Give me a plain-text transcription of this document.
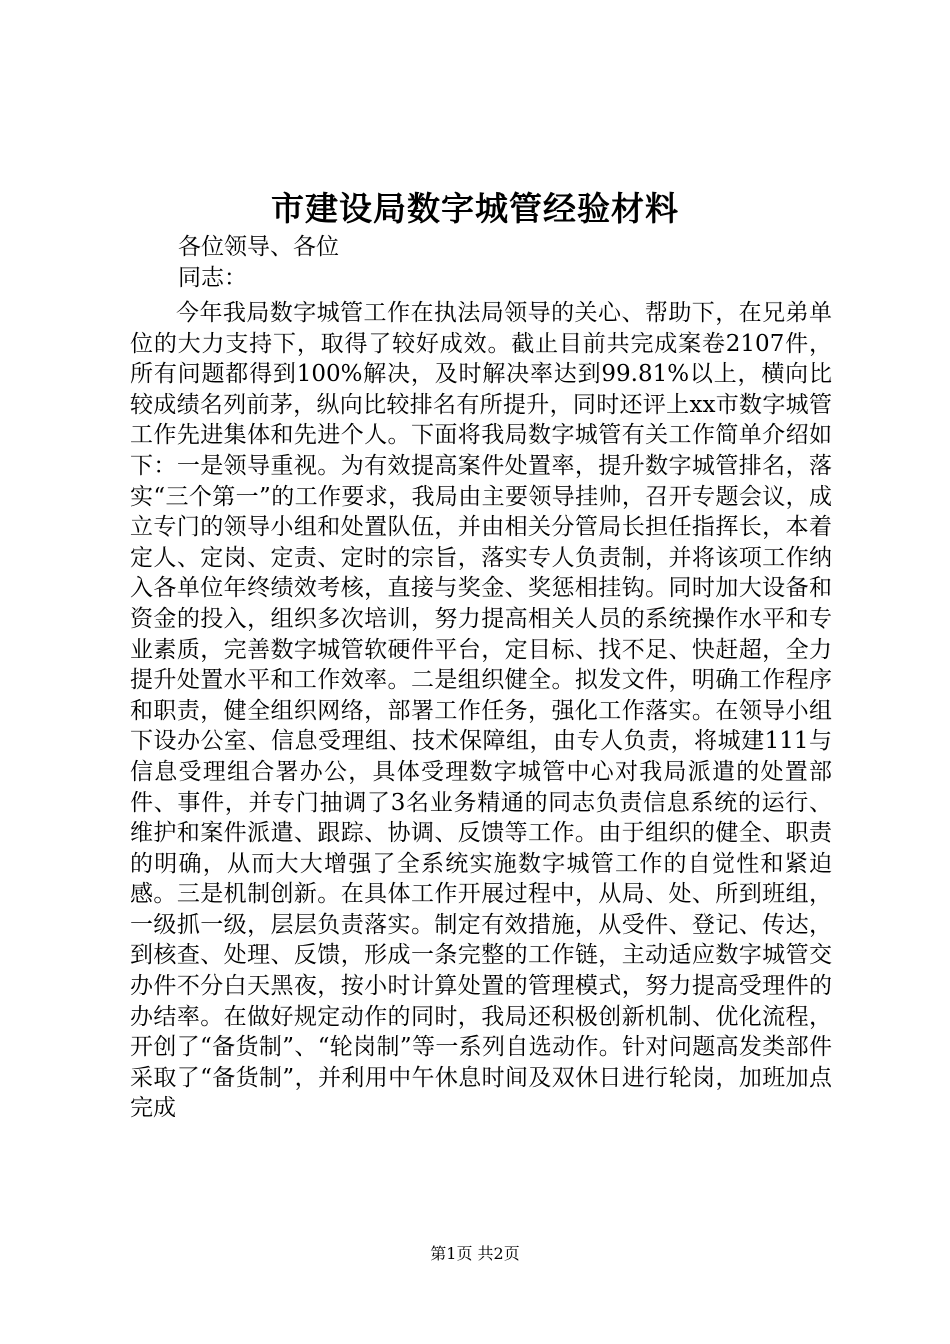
市建设局数字城管经验材料
各位领导、各位
同志：

今年我局数字城管工作在执法局领导的关心、帮助下，在兄弟单位的大力支持下，取得了较好成效。截止目前共完成案卷2107件，所有问题都得到100%解决，及时解决率达到99.81%以上，横向比较成绩名列前茅，纵向比较排名有所提升，同时还评上xx市数字城管工作先进集体和先进个人。下面将我局数字城管有关工作简单介绍如下：一是领导重视。为有效提高案件处置率，提升数字城管排名，落实“三个第一”的工作要求，我局由主要领导挂帅，召开专题会议，成立专门的领导小组和处置队伍，并由相关分管局长担任指挥长，本着定人、定岗、定责、定时的宗旨，落实专人负责制，并将该项工作纳入各单位年终绩效考核，直接与奖金、奖惩相挂钩。同时加大设备和资金的投入，组织多次培训，努力提高相关人员的系统操作水平和专业素质，完善数字城管软硬件平台，定目标、找不足、快赶超，全力提升处置水平和工作效率。二是组织健全。拟发文件，明确工作程序和职责，健全组织网络，部署工作任务，强化工作落实。在领导小组下设办公室、信息受理组、技术保障组，由专人负责，将城建111与信息受理组合署办公，具体受理数字城管中心对我局派遣的处置部件、事件，并专门抽调了3名业务精通的同志负责信息系统的运行、维护和案件派遣、跟踪、协调、反馈等工作。由于组织的健全、职责的明确，从而大大增强了全系统实施数字城管工作的自觉性和紧迫感。三是机制创新。在具体工作开展过程中，从局、处、所到班组，一级抓一级，层层负责落实。制定有效措施，从受件、登记、传达，到核查、处理、反馈，形成一条完整的工作链，主动适应数字城管交办件不分白天黑夜，按小时计算处置的管理模式，努力提高受理件的办结率。在做好规定动作的同时，我局还积极创新机制、优化流程，开创了“备货制”、“轮岗制”等一系列自选动作。针对问题高发类部件采取了“备货制”，并利用中午休息时间及双休日进行轮岗，加班加点完成

第1页 共2页
